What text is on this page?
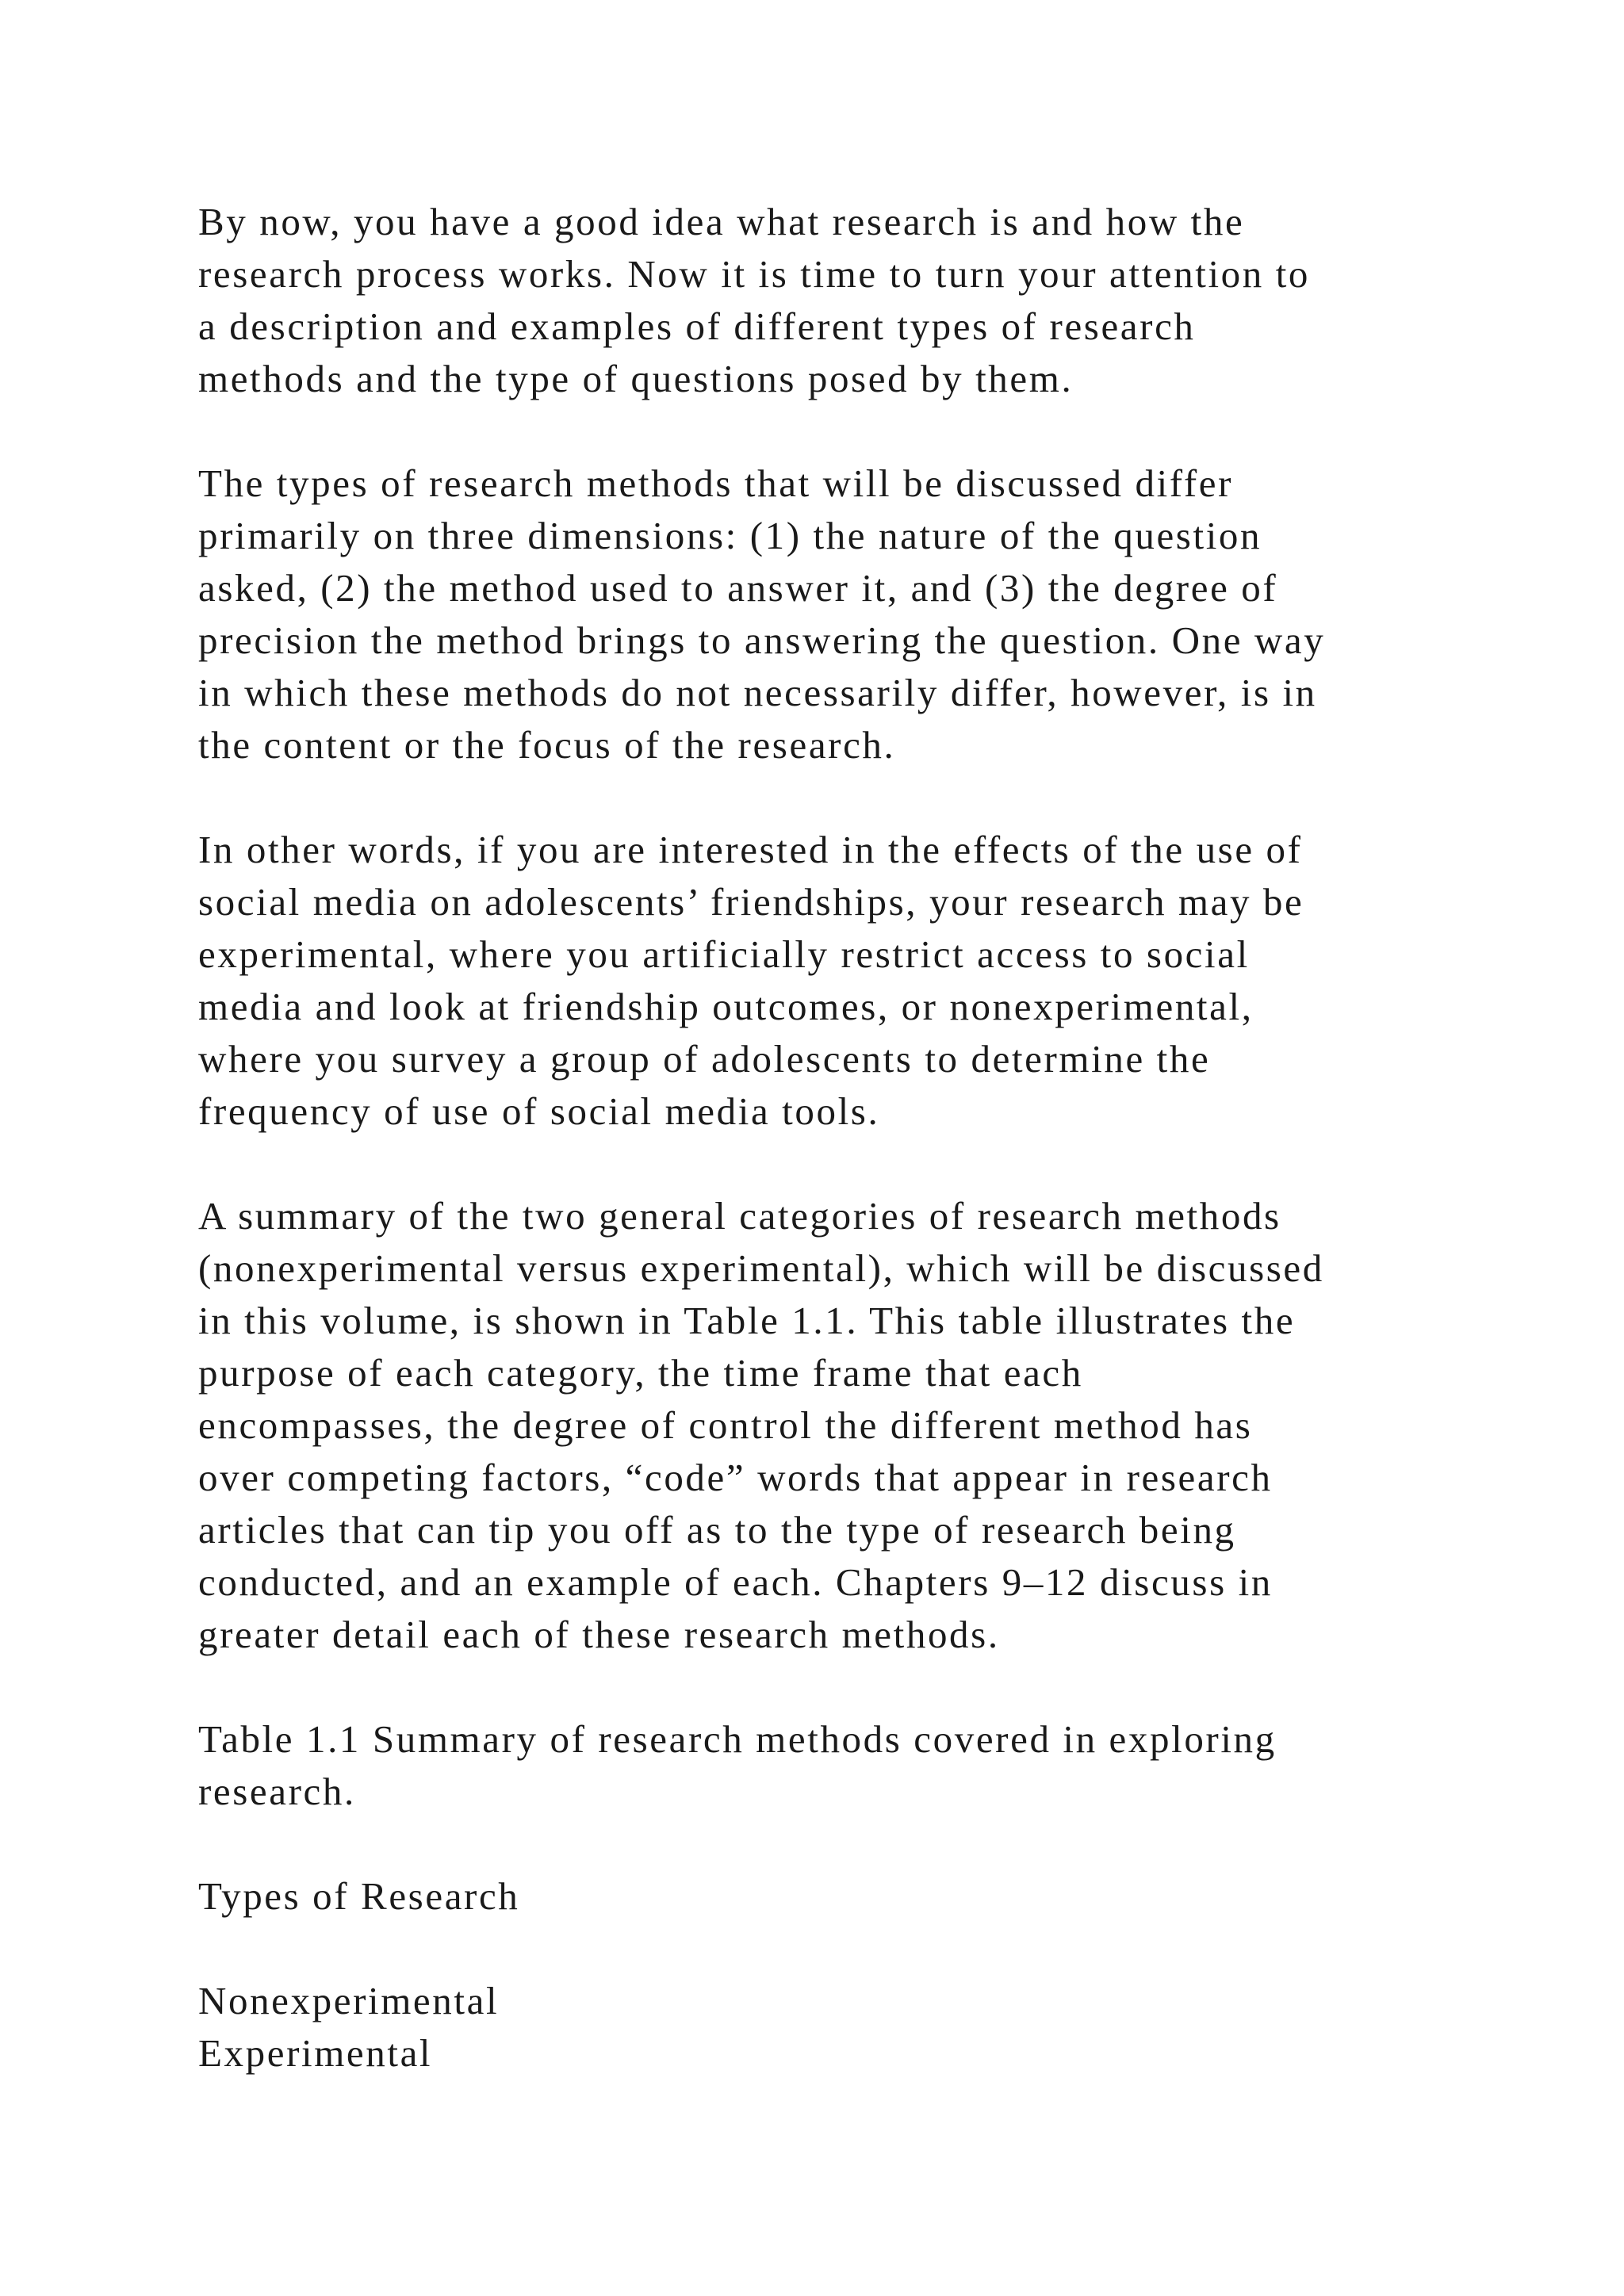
By now, you have a good idea what research is and how the

research process works. Now it is time to turn your attention to

a description and examples of different types of research

methods and the type of questions posed by them.

The types of research methods that will be discussed differ

primarily on three dimensions: (1) the nature of the question

asked, (2) the method used to answer it, and (3) the degree of

precision the method brings to answering the question. One way

in which these methods do not necessarily differ, however, is in

the content or the focus of the research.

In other words, if you are interested in the effects of the use of

social media on adolescents’ friendships, your research may be

experimental, where you artificially restrict access to social

media and look at friendship outcomes, or nonexperimental,

where you survey a group of adolescents to determine the

frequency of use of social media tools.

A summary of the two general categories of research methods

(nonexperimental versus experimental), which will be discussed

in this volume, is shown in Table 1.1. This table illustrates the

purpose of each category, the time frame that each

encompasses, the degree of control the different method has

over competing factors, “code” words that appear in research

articles that can tip you off as to the type of research being

conducted, and an example of each. Chapters 9–12 discuss in

greater detail each of these research methods.

Table 1.1 Summary of research methods covered in exploring

research.

Types of Research

Nonexperimental

Experimental
